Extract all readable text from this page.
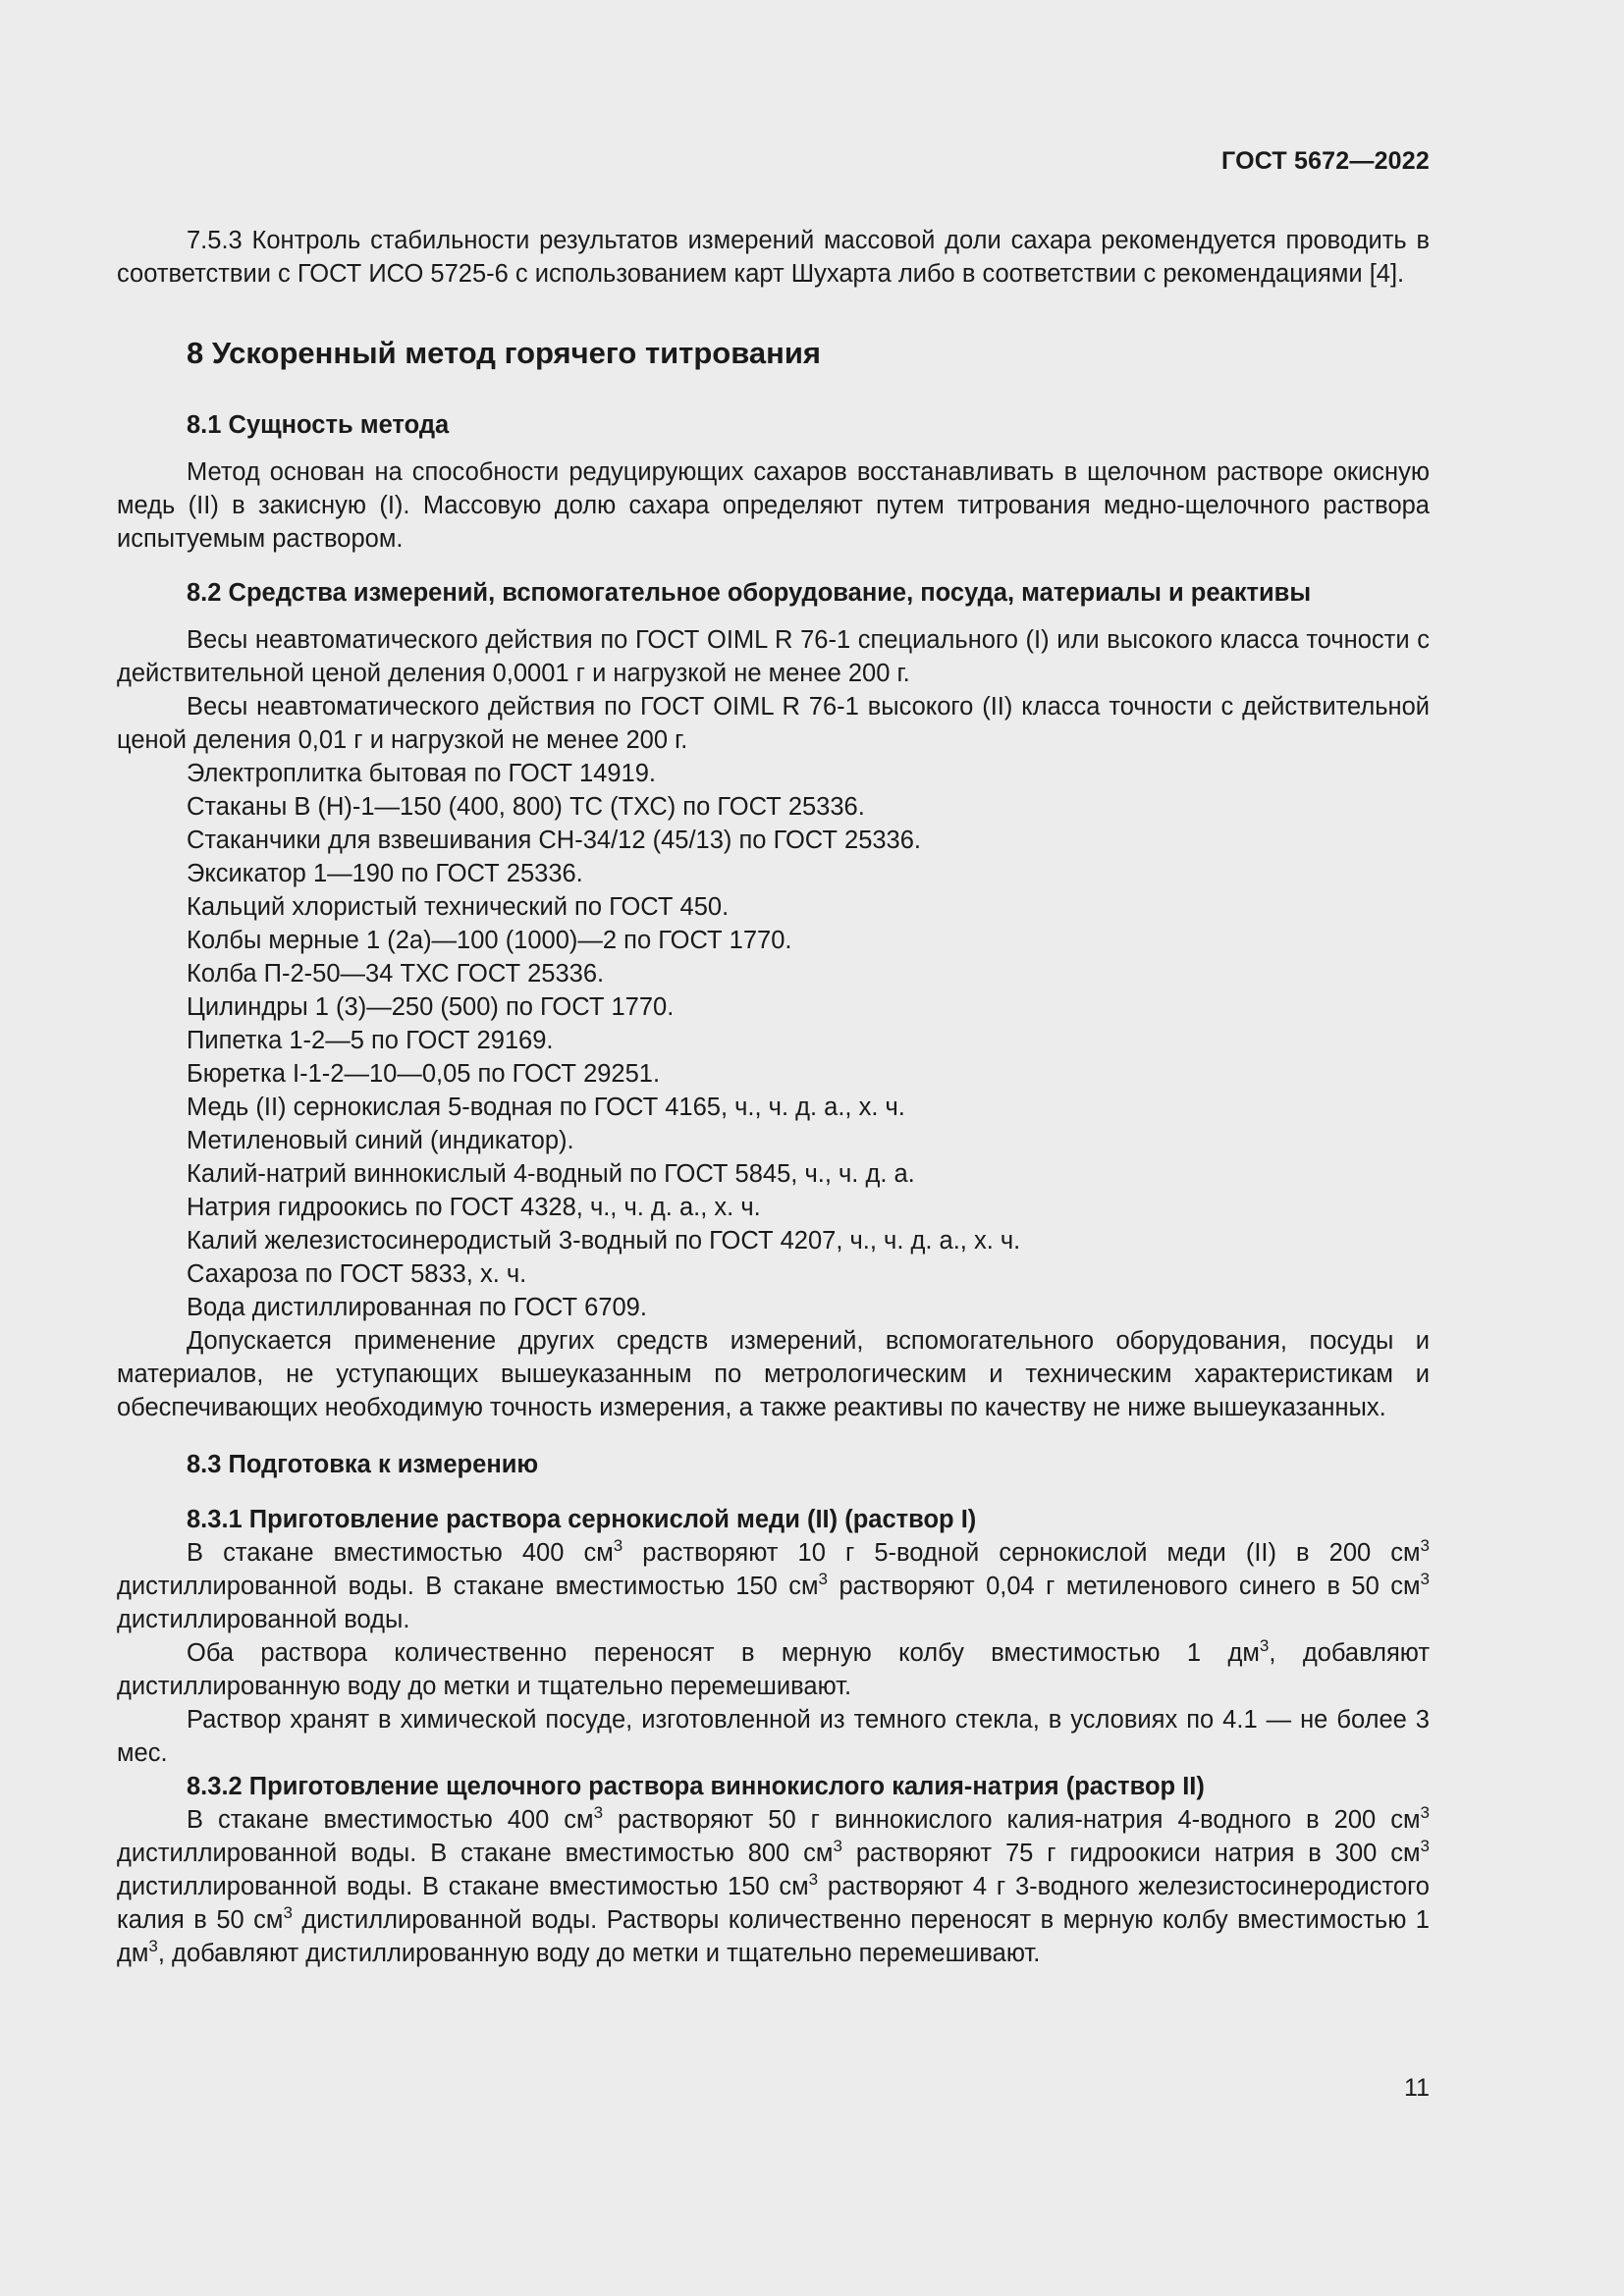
ГОСТ 5672—2022

7.5.3 Контроль стабильности результатов измерений массовой доли сахара рекомендуется проводить в соответствии с ГОСТ ИСО 5725-6 с использованием карт Шухарта либо в соответствии с рекомендациями [4].

8 Ускоренный метод горячего титрования
8.1 Сущность метода

Метод основан на способности редуцирующих сахаров восстанавливать в щелочном растворе окисную медь (II) в закисную (I). Массовую долю сахара определяют путем титрования медно-щелочного раствора испытуемым раствором.

8.2 Средства измерений, вспомогательное оборудование, посуда, материалы и реактивы

Весы неавтоматического действия по ГОСТ OIML R 76-1 специального (I) или высокого класса точности с действительной ценой деления 0,0001 г и нагрузкой не менее 200 г.

Весы неавтоматического действия по ГОСТ OIML R 76-1 высокого (II) класса точности с действительной ценой деления 0,01 г и нагрузкой не менее 200 г.

Электроплитка бытовая по ГОСТ 14919.

Стаканы В (Н)-1—150 (400, 800) ТС (ТХС) по ГОСТ 25336.

Стаканчики для взвешивания СН-34/12 (45/13) по ГОСТ 25336.

Эксикатор 1—190 по ГОСТ 25336.

Кальций хлористый технический по ГОСТ 450.

Колбы мерные 1 (2а)—100 (1000)—2 по ГОСТ 1770.

Колба П-2-50—34 ТХС ГОСТ 25336.

Цилиндры 1 (3)—250 (500) по ГОСТ 1770.

Пипетка 1-2—5 по ГОСТ 29169.

Бюретка I-1-2—10—0,05 по ГОСТ 29251.

Медь (II) сернокислая 5-водная по ГОСТ 4165, ч., ч. д. а., х. ч.

Метиленовый синий (индикатор).

Калий-натрий виннокислый 4-водный по ГОСТ 5845, ч., ч. д. а.

Натрия гидроокись по ГОСТ 4328, ч., ч. д. а., х. ч.

Калий железистосинеродистый 3-водный по ГОСТ 4207, ч., ч. д. а., х. ч.

Сахароза по ГОСТ 5833, х. ч.

Вода дистиллированная по ГОСТ 6709.

Допускается применение других средств измерений, вспомогательного оборудования, посуды и материалов, не уступающих вышеуказанным по метрологическим и техническим характеристикам и обеспечивающих необходимую точность измерения, а также реактивы по качеству не ниже вышеуказанных.

8.3 Подготовка к измерению
8.3.1 Приготовление раствора сернокислой меди (II) (раствор I)

В стакане вместимостью 400 $см^3$ растворяют 10 г 5-водной сернокислой меди (II) в 200 $см^3$ дистиллированной воды. В стакане вместимостью 150 $см^3$ растворяют 0,04 г метиленового синего в 50 $см^3$ дистиллированной воды.

Оба раствора количественно переносят в мерную колбу вместимостью 1 $дм^3$, добавляют дистиллированную воду до метки и тщательно перемешивают.

Раствор хранят в химической посуде, изготовленной из темного стекла, в условиях по 4.1 — не более 3 мес.

8.3.2 Приготовление щелочного раствора виннокислого калия-натрия (раствор II)

В стакане вместимостью 400 $см^3$ растворяют 50 г виннокислого калия-натрия 4-водного в 200 $см^3$ дистиллированной воды. В стакане вместимостью 800 $см^3$ растворяют 75 г гидроокиси натрия в 300 $см^3$ дистиллированной воды. В стакане вместимостью 150 $см^3$ растворяют 4 г 3-водного железистосинеродистого калия в 50 $см^3$ дистиллированной воды. Растворы количественно переносят в мерную колбу вместимостью 1 $дм^3$, добавляют дистиллированную воду до метки и тщательно перемешивают.

11
